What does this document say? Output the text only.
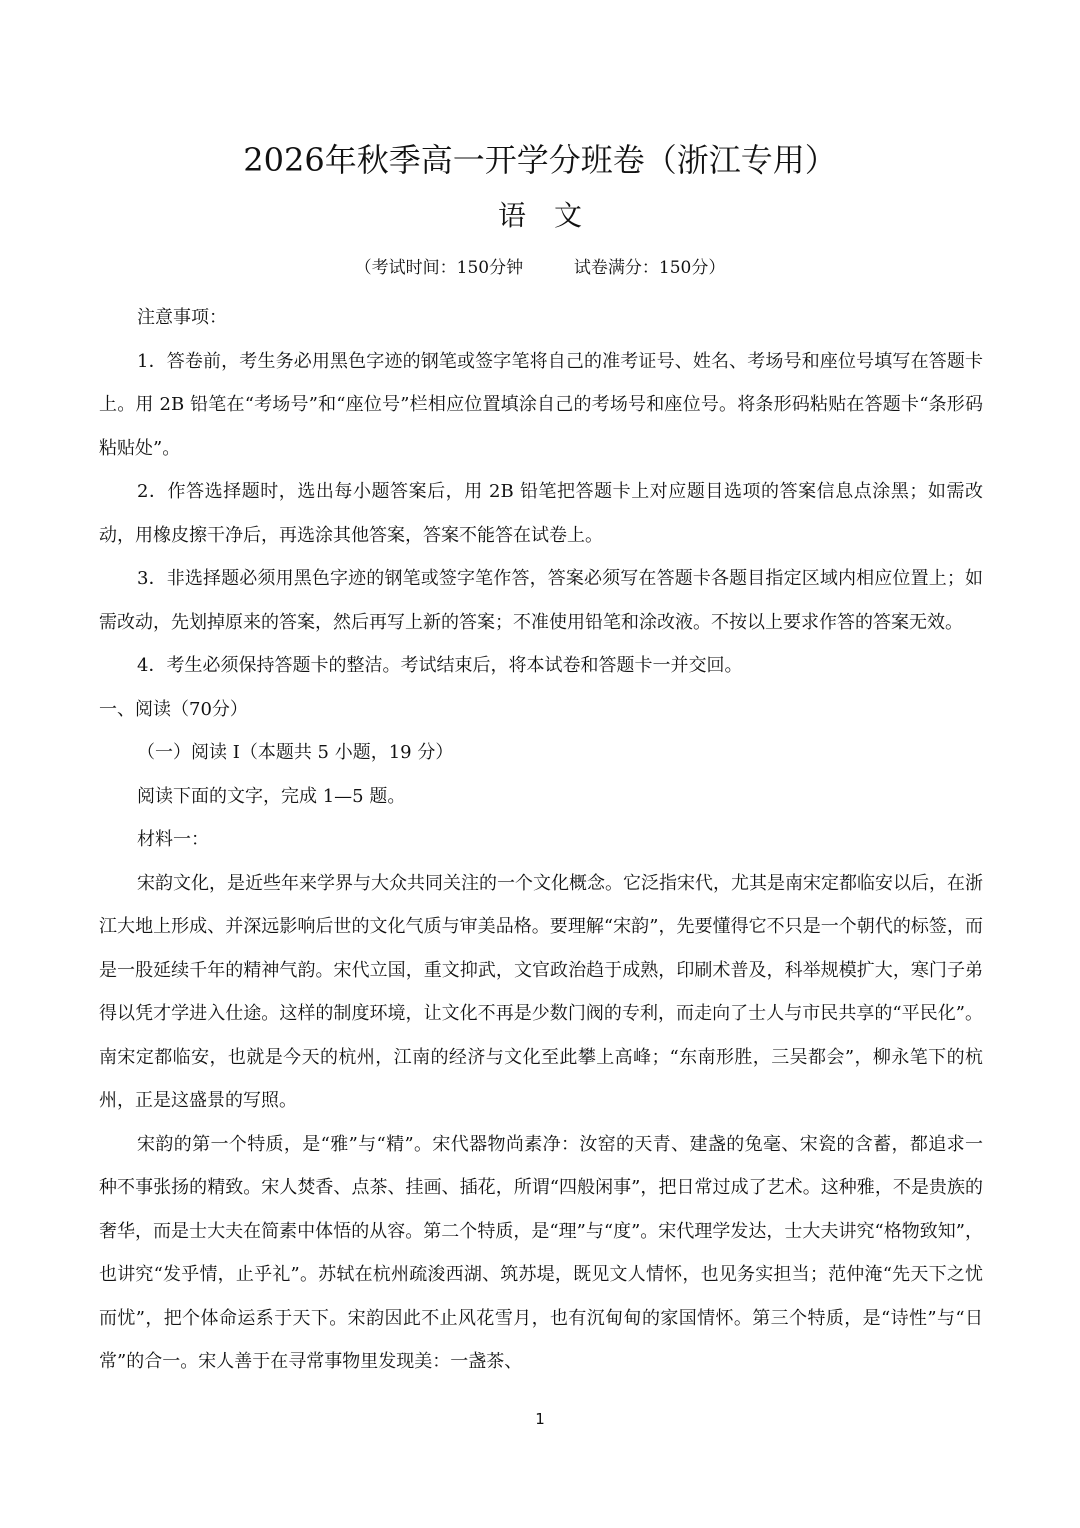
2026年秋季高一开学分班卷（浙江专用）
语文
（考试时间：150分钟	试卷满分：150分）

注意事项：

1．答卷前，考生务必用黑色字迹的钢笔或签字笔将自己的准考证号、姓名、考场号和座位号填写在答题卡上。用 2B 铅笔在“考场号”和“座位号”栏相应位置填涂自己的考场号和座位号。将条形码粘贴在答题卡“条形码粘贴处”。

2．作答选择题时，选出每小题答案后，用 2B 铅笔把答题卡上对应题目选项的答案信息点涂黑；如需改动，用橡皮擦干净后，再选涂其他答案，答案不能答在试卷上。

3．非选择题必须用黑色字迹的钢笔或签字笔作答，答案必须写在答题卡各题目指定区域内相应位置上；如需改动，先划掉原来的答案，然后再写上新的答案；不准使用铅笔和涂改液。不按以上要求作答的答案无效。

4．考生必须保持答题卡的整洁。考试结束后，将本试卷和答题卡一并交回。

一、阅读（70分）

（一）阅读 I（本题共 5 小题，19 分）

阅读下面的文字，完成 1—5 题。

材料一：

宋韵文化，是近些年来学界与大众共同关注的一个文化概念。它泛指宋代，尤其是南宋定都临安以后，在浙江大地上形成、并深远影响后世的文化气质与审美品格。要理解“宋韵”，先要懂得它不只是一个朝代的标签，而是一股延续千年的精神气韵。宋代立国，重文抑武，文官政治趋于成熟，印刷术普及，科举规模扩大，寒门子弟得以凭才学进入仕途。这样的制度环境，让文化不再是少数门阀的专利，而走向了士人与市民共享的“平民化”。南宋定都临安，也就是今天的杭州，江南的经济与文化至此攀上高峰；“东南形胜，三吴都会”，柳永笔下的杭州，正是这盛景的写照。

宋韵的第一个特质，是“雅”与“精”。宋代器物尚素净：汝窑的天青、建盏的兔毫、宋瓷的含蓄，都追求一种不事张扬的精致。宋人焚香、点茶、挂画、插花，所谓“四般闲事”，把日常过成了艺术。这种雅，不是贵族的奢华，而是士大夫在简素中体悟的从容。第二个特质，是“理”与“度”。宋代理学发达，士大夫讲究“格物致知”，也讲究“发乎情，止乎礼”。苏轼在杭州疏浚西湖、筑苏堤，既见文人情怀，也见务实担当；范仲淹“先天下之忧而忧”，把个体命运系于天下。宋韵因此不止风花雪月，也有沉甸甸的家国情怀。第三个特质，是“诗性”与“日常”的合一。宋人善于在寻常事物里发现美：一盏茶、

1
